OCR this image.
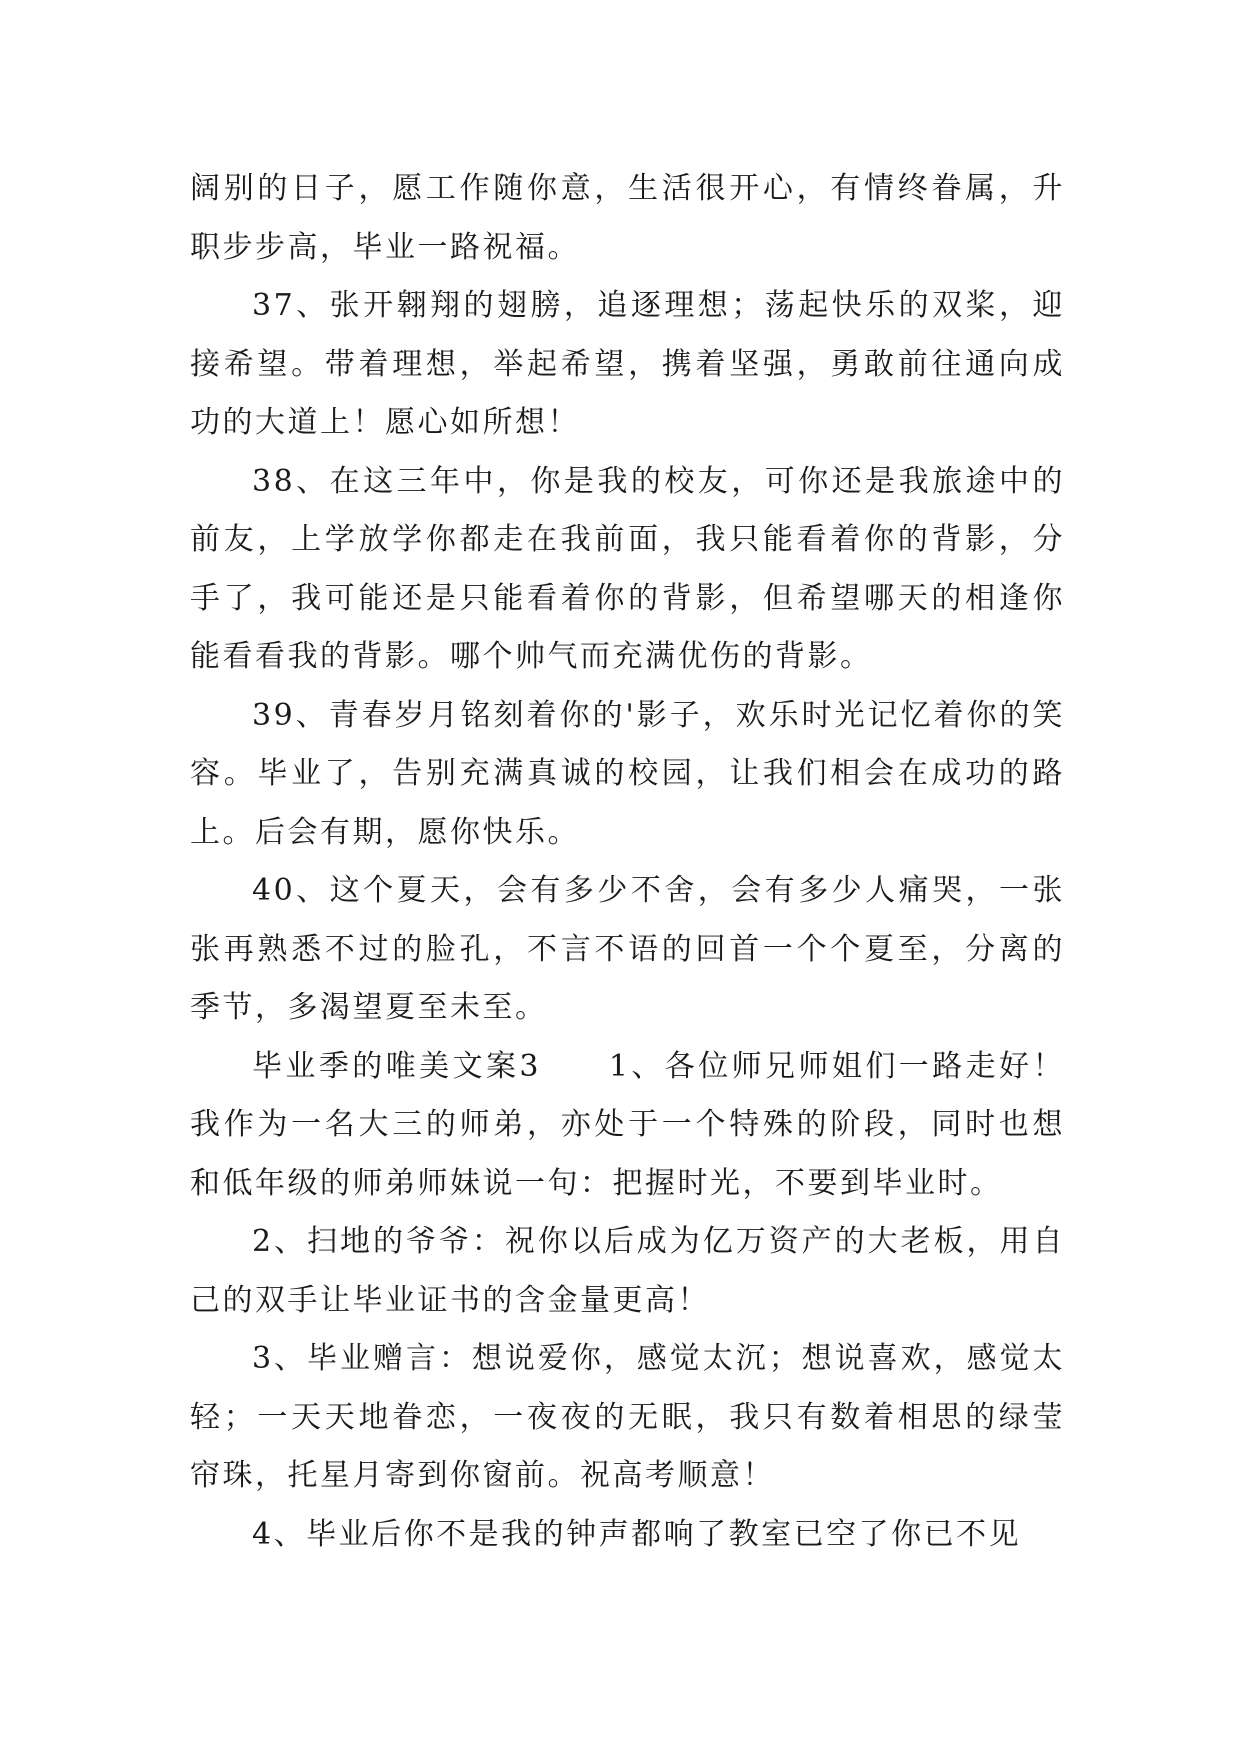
阔别的日子，愿工作随你意，生活很开心，有情终眷属，升职步步高，毕业一路祝福。

37、张开翱翔的翅膀，追逐理想；荡起快乐的双桨，迎接希望。带着理想，举起希望，携着坚强，勇敢前往通向成功的大道上！愿心如所想！

38、在这三年中，你是我的校友，可你还是我旅途中的前友，上学放学你都走在我前面，我只能看着你的背影，分手了，我可能还是只能看着你的背影，但希望哪天的相逢你能看看我的背影。哪个帅气而充满优伤的背影。

39、青春岁月铭刻着你的'影子，欢乐时光记忆着你的笑容。毕业了，告别充满真诚的校园，让我们相会在成功的路上。后会有期，愿你快乐。

40、这个夏天，会有多少不舍，会有多少人痛哭，一张张再熟悉不过的脸孔，不言不语的回首一个个夏至，分离的季节，多渴望夏至未至。

毕业季的唯美文案3　　1、各位师兄师姐们一路走好！我作为一名大三的师弟，亦处于一个特殊的阶段，同时也想和低年级的师弟师妹说一句：把握时光，不要到毕业时。

2、扫地的爷爷：祝你以后成为亿万资产的大老板，用自己的双手让毕业证书的含金量更高！

3、毕业赠言：想说爱你，感觉太沉；想说喜欢，感觉太轻；一天天地眷恋，一夜夜的无眠，我只有数着相思的绿莹帘珠，托星月寄到你窗前。祝高考顺意！

4、毕业后你不是我的钟声都响了教室已空了你已不见
